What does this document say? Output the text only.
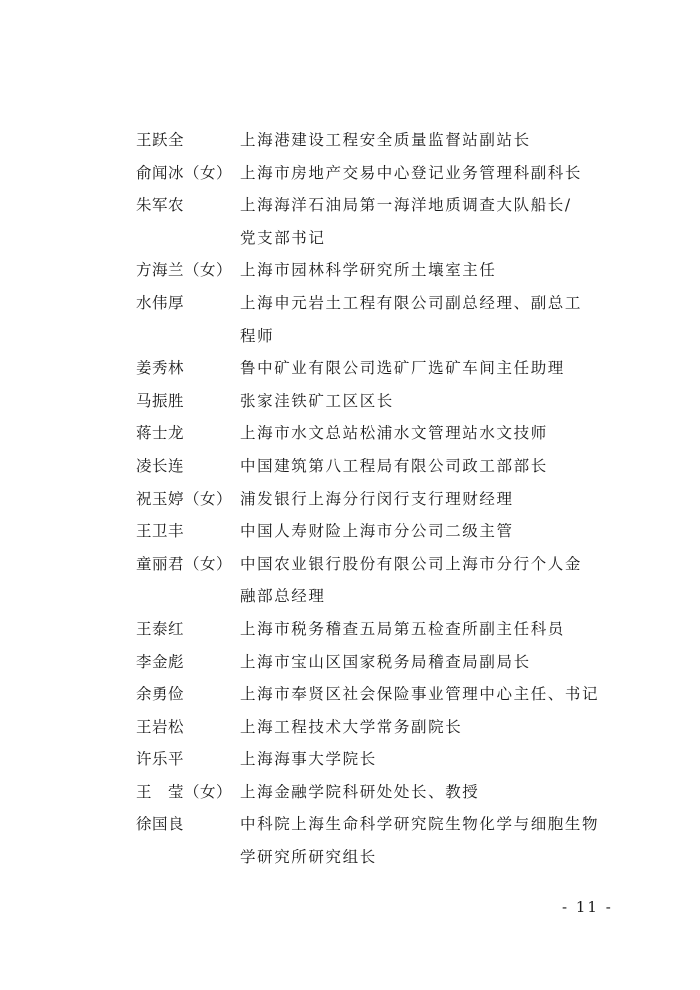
王跃全	上海港建设工程安全质量监督站副站长
俞闻冰（女） 上海市房地产交易中心登记业务管理科副科长
朱军农	上海海洋石油局第一海洋地质调查大队船长/
党支部书记
方海兰（女） 上海市园林科学研究所土壤室主任
水伟厚	上海申元岩土工程有限公司副总经理、副总工
程师
姜秀林	鲁中矿业有限公司选矿厂选矿车间主任助理
马振胜	张家洼铁矿工区区长
蒋士龙	上海市水文总站松浦水文管理站水文技师
凌长连	中国建筑第八工程局有限公司政工部部长
祝玉婷（女） 浦发银行上海分行闵行支行理财经理
王卫丰	中国人寿财险上海市分公司二级主管
童丽君（女） 中国农业银行股份有限公司上海市分行个人金
融部总经理
王泰红	上海市税务稽查五局第五检查所副主任科员
李金彪	上海市宝山区国家税务局稽查局副局长
余勇俭	上海市奉贤区社会保险事业管理中心主任、书记
王岩松	上海工程技术大学常务副院长
许乐平	上海海事大学院长
王　莹（女） 上海金融学院科研处处长、教授
徐国良	中科院上海生命科学研究院生物化学与细胞生物
学研究所研究组长
- 11 -
